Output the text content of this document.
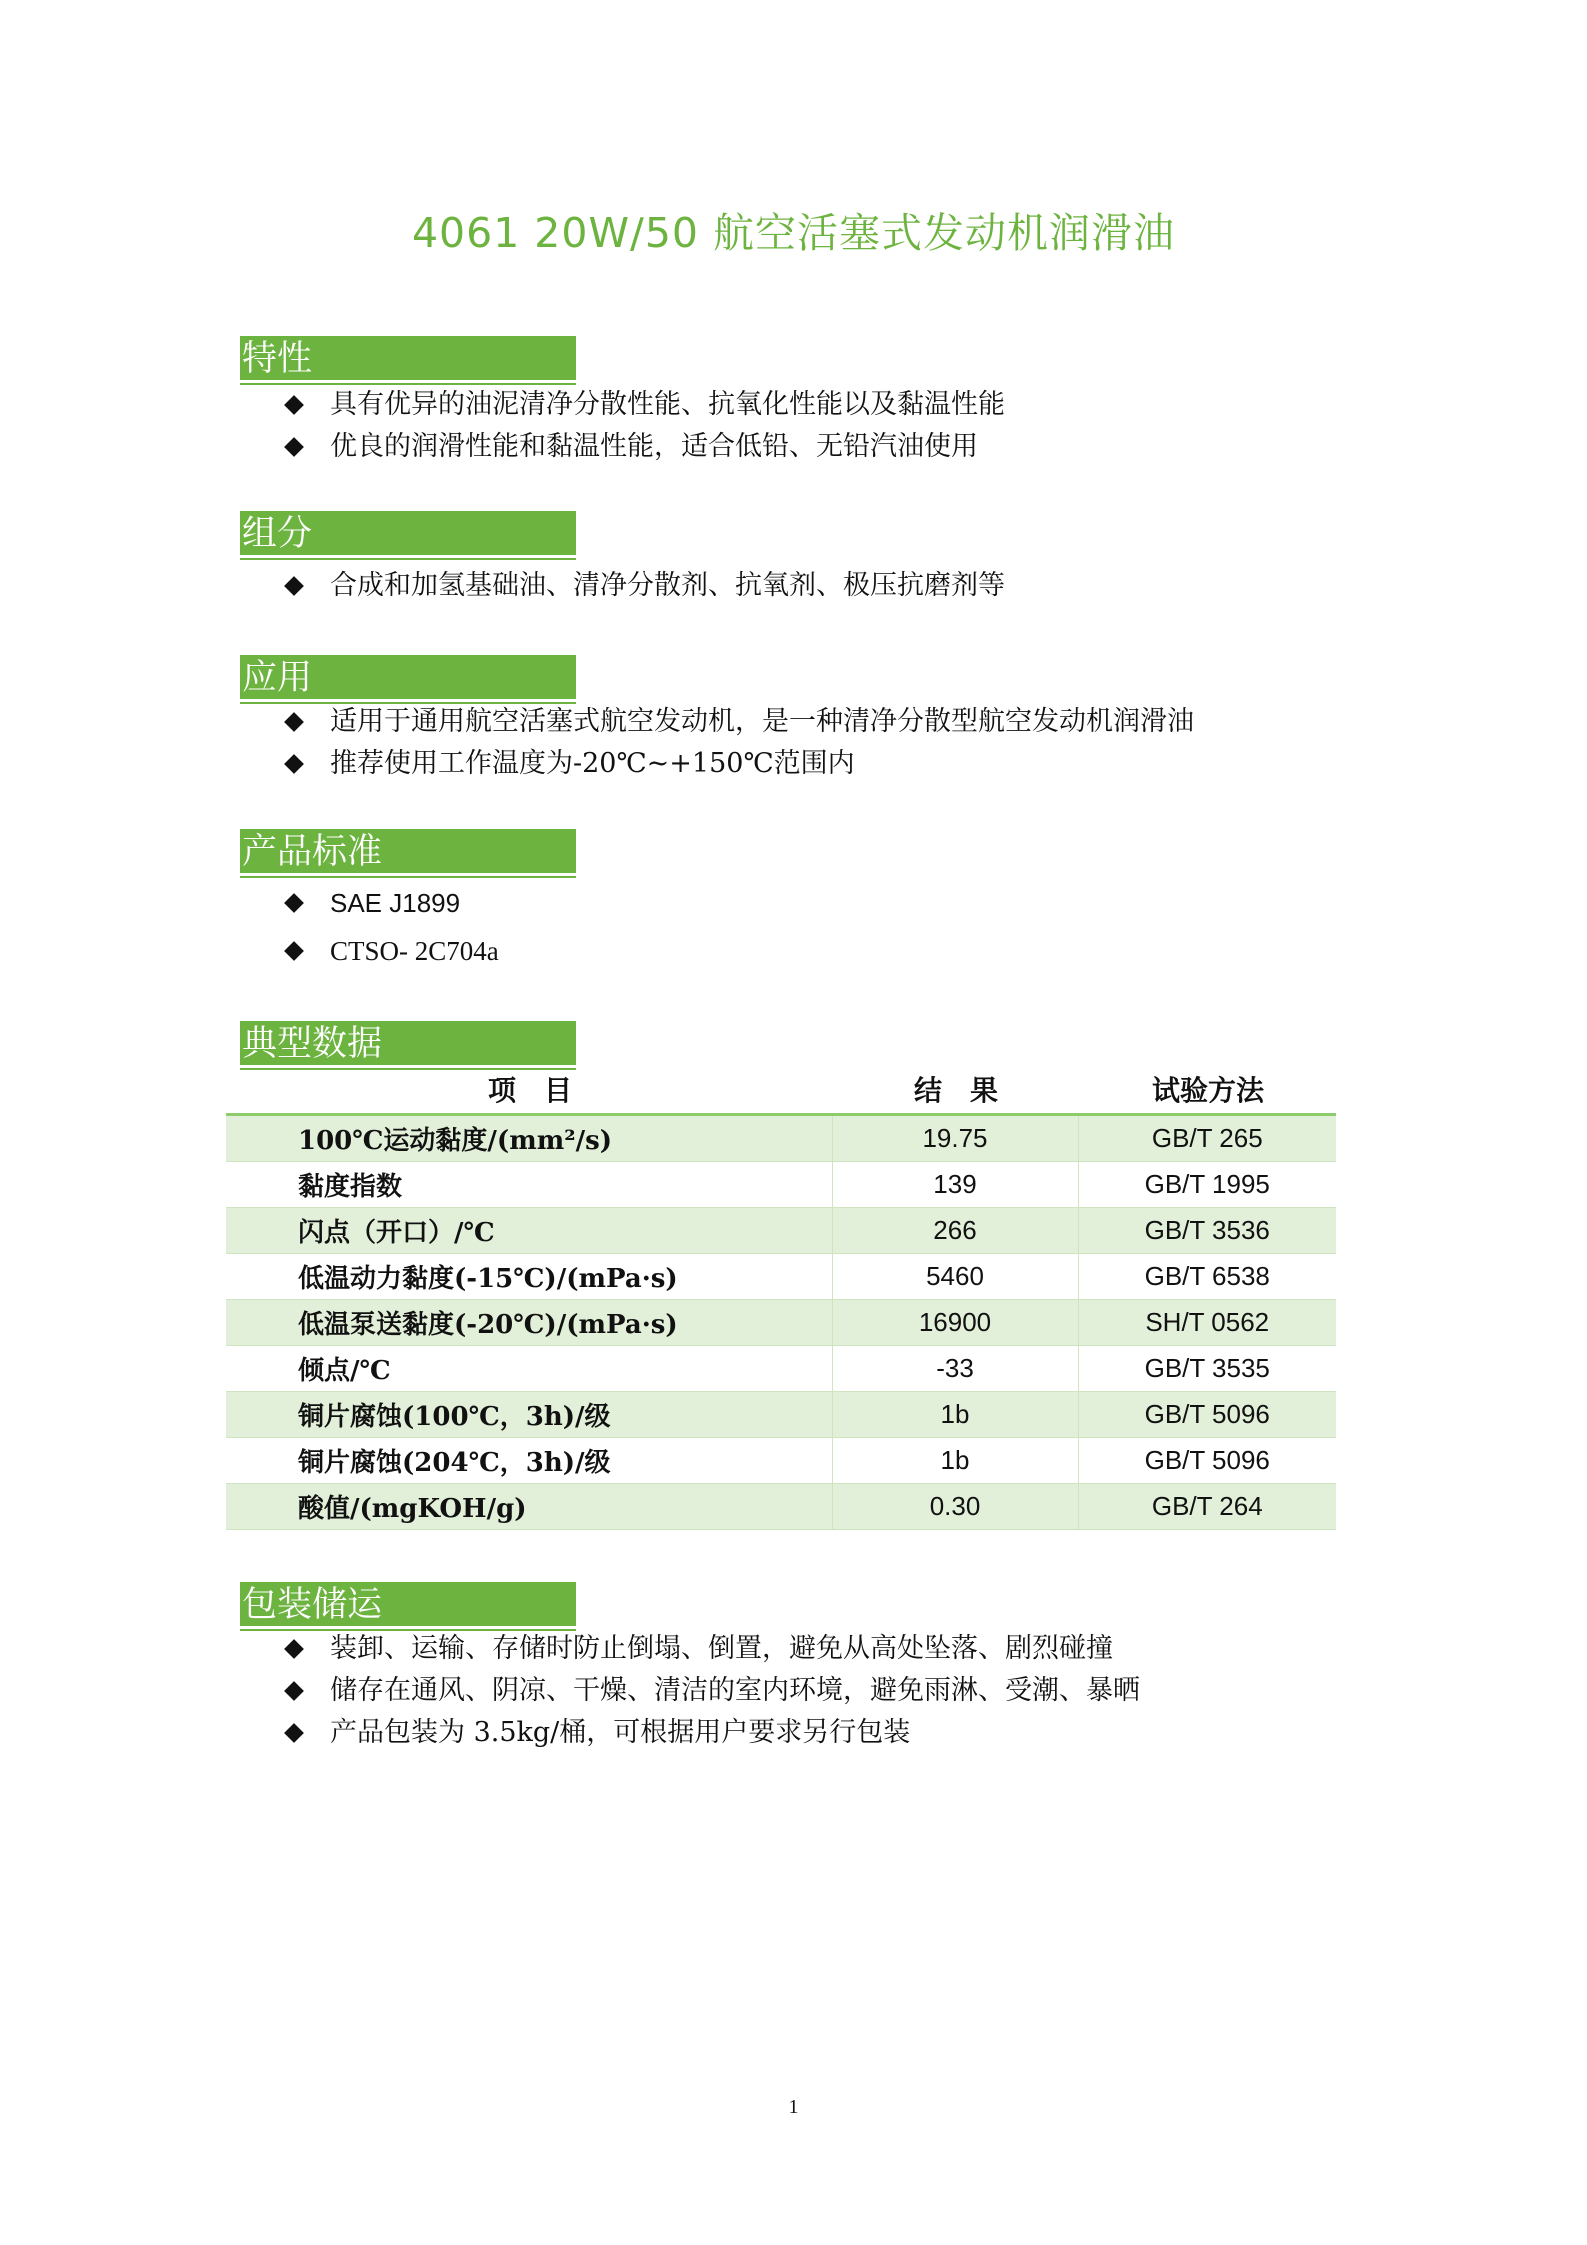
4061 20W/50 航空活塞式发动机润滑油
特性
具有优异的油泥清净分散性能、抗氧化性能以及黏温性能
优良的润滑性能和黏温性能，适合低铅、无铅汽油使用
组分
合成和加氢基础油、清净分散剂、抗氧剂、极压抗磨剂等
应用
适用于通用航空活塞式航空发动机，是一种清净分散型航空发动机润滑油
推荐使用工作温度为-20℃~+150℃范围内
产品标准
SAE J1899
CTSO- 2C704a
典型数据
项　目	结　果	试验方法
100℃运动黏度/(mm²/s)	19.75	GB/T 265
黏度指数	139	GB/T 1995
闪点（开口）/℃	266	GB/T 3536
低温动力黏度(-15℃)/(mPa·s)	5460	GB/T 6538
低温泵送黏度(-20℃)/(mPa·s)	16900	SH/T 0562
倾点/℃	-33	GB/T 3535
铜片腐蚀(100℃，3h)/级	1b	GB/T 5096
铜片腐蚀(204℃，3h)/级	1b	GB/T 5096
酸值/(mgKOH/g)	0.30	GB/T 264
包装储运
装卸、运输、存储时防止倒塌、倒置，避免从高处坠落、剧烈碰撞
储存在通风、阴凉、干燥、清洁的室内环境，避免雨淋、受潮、暴晒
产品包装为 3.5kg/桶，可根据用户要求另行包装
1
